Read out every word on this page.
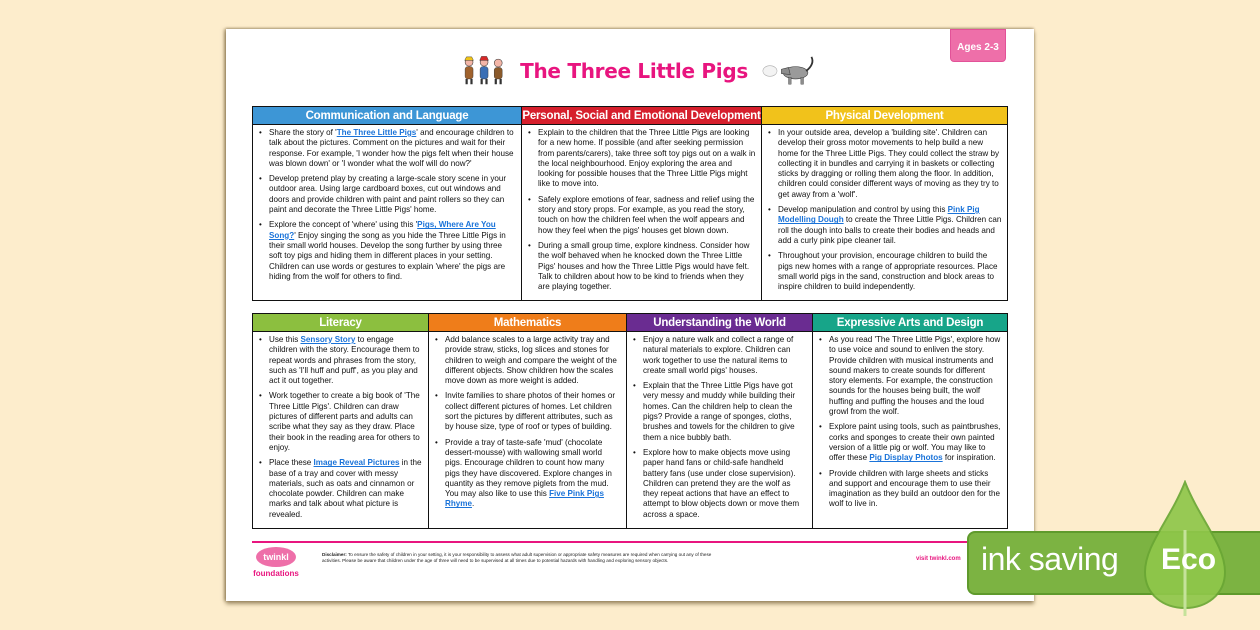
Ages 2-3
The Three Little Pigs
Communication and Language
• Share the story of 'The Three Little Pigs' and encourage children to talk about the pictures. Comment on the pictures and wait for their response. For example, 'I wonder how the pigs felt when their house was blown down' or 'I wonder what the wolf will do now?'
• Develop pretend play by creating a large-scale story scene in your outdoor area. Using large cardboard boxes, cut out windows and doors and provide children with paint and paint rollers so they can paint and decorate the Three Little Pigs' home.
• Explore the concept of 'where' using this 'Pigs, Where Are You Song?' Enjoy singing the song as you hide the Three Little Pigs in their small world houses. Develop the song further by using three soft toy pigs and hiding them in different places in your setting. Children can use words or gestures to explain 'where' the pigs are hiding from the wolf for others to find.
Personal, Social and Emotional Development
• Explain to the children that the Three Little Pigs are looking for a new home. If possible (and after seeking permission from parents/carers), take three soft toy pigs out on a walk in the local neighbourhood. Enjoy exploring the area and looking for possible houses that the Three Little Pigs might like to move into.
• Safely explore emotions of fear, sadness and relief using the story and story props. For example, as you read the story, touch on how the children feel when the wolf appears and how they feel when the pigs' houses get blown down.
• During a small group time, explore kindness. Consider how the wolf behaved when he knocked down the Three Little Pigs' houses and how the Three Little Pigs would have felt. Talk to children about how to be kind to friends when they are playing together.
Physical Development
• In your outside area, develop a 'building site'. Children can develop their gross motor movements to help build a new home for the Three Little Pigs. They could collect the straw by collecting it in bundles and carrying it in baskets or collecting sticks by dragging or rolling them along the floor. In addition, children could consider different ways of moving as they try to get away from a 'wolf'.
• Develop manipulation and control by using this Pink Pig Modelling Dough to create the Three Little Pigs. Children can roll the dough into balls to create their bodies and heads and add a curly pink pipe cleaner tail.
• Throughout your provision, encourage children to build the pigs new homes with a range of appropriate resources. Place small world pigs in the sand, construction and block areas to inspire children to build independently.
Literacy
• Use this Sensory Story to engage children with the story. Encourage them to repeat words and phrases from the story, such as 'I'll huff and puff', as you play and act it out together.
• Work together to create a big book of 'The Three Little Pigs'. Children can draw pictures of different parts and adults can scribe what they say as they draw. Place their book in the reading area for others to enjoy.
• Place these Image Reveal Pictures in the base of a tray and cover with messy materials, such as oats and cinnamon or chocolate powder. Children can make marks and talk about what picture is revealed.
Mathematics
• Add balance scales to a large activity tray and provide straw, sticks, log slices and stones for children to weigh and compare the weight of the different objects. Show children how the scales move down as more weight is added.
• Invite families to share photos of their homes or collect different pictures of homes. Let children sort the pictures by different attributes, such as by house size, type of roof or types of building.
• Provide a tray of taste-safe 'mud' (chocolate dessert-mousse) with wallowing small world pigs. Encourage children to count how many pigs they have discovered. Explore changes in quantity as they remove piglets from the mud. You may also like to use this Five Pink Pigs Rhyme.
Understanding the World
• Enjoy a nature walk and collect a range of natural materials to explore. Children can work together to use the natural items to create small world pigs' houses.
• Explain that the Three Little Pigs have got very messy and muddy while building their homes. Can the children help to clean the pigs? Provide a range of sponges, cloths, brushes and towels for the children to give them a nice bubbly bath.
• Explore how to make objects move using paper hand fans or child-safe handheld battery fans (use under close supervision). Children can pretend they are the wolf as they repeat actions that have an effect to attempt to blow objects down or move them across a space.
Expressive Arts and Design
• As you read 'The Three Little Pigs', explore how to use voice and sound to enliven the story. Provide children with musical instruments and sound makers to create sounds for different story elements. For example, the construction sounds for the houses being built, the wolf huffing and puffing the houses and the loud growl from the wolf.
• Explore paint using tools, such as paintbrushes, corks and sponges to create their own painted version of a little pig or wolf. You may like to offer these Pig Display Photos for inspiration.
• Provide children with large sheets and sticks and support and encourage them to use their imagination as they build an outdoor den for the wolf to live in.
twinkl
foundations
Disclaimer: To ensure the safety of children in your setting, it is your responsibility to assess what adult supervision or appropriate safety measures are required when carrying out any of these activities. Please be aware that children under the age of three will need to be supervised at all times due to potential hazards with handling and exploring sensory objects.	visit twinkl.com ink saving Eco
